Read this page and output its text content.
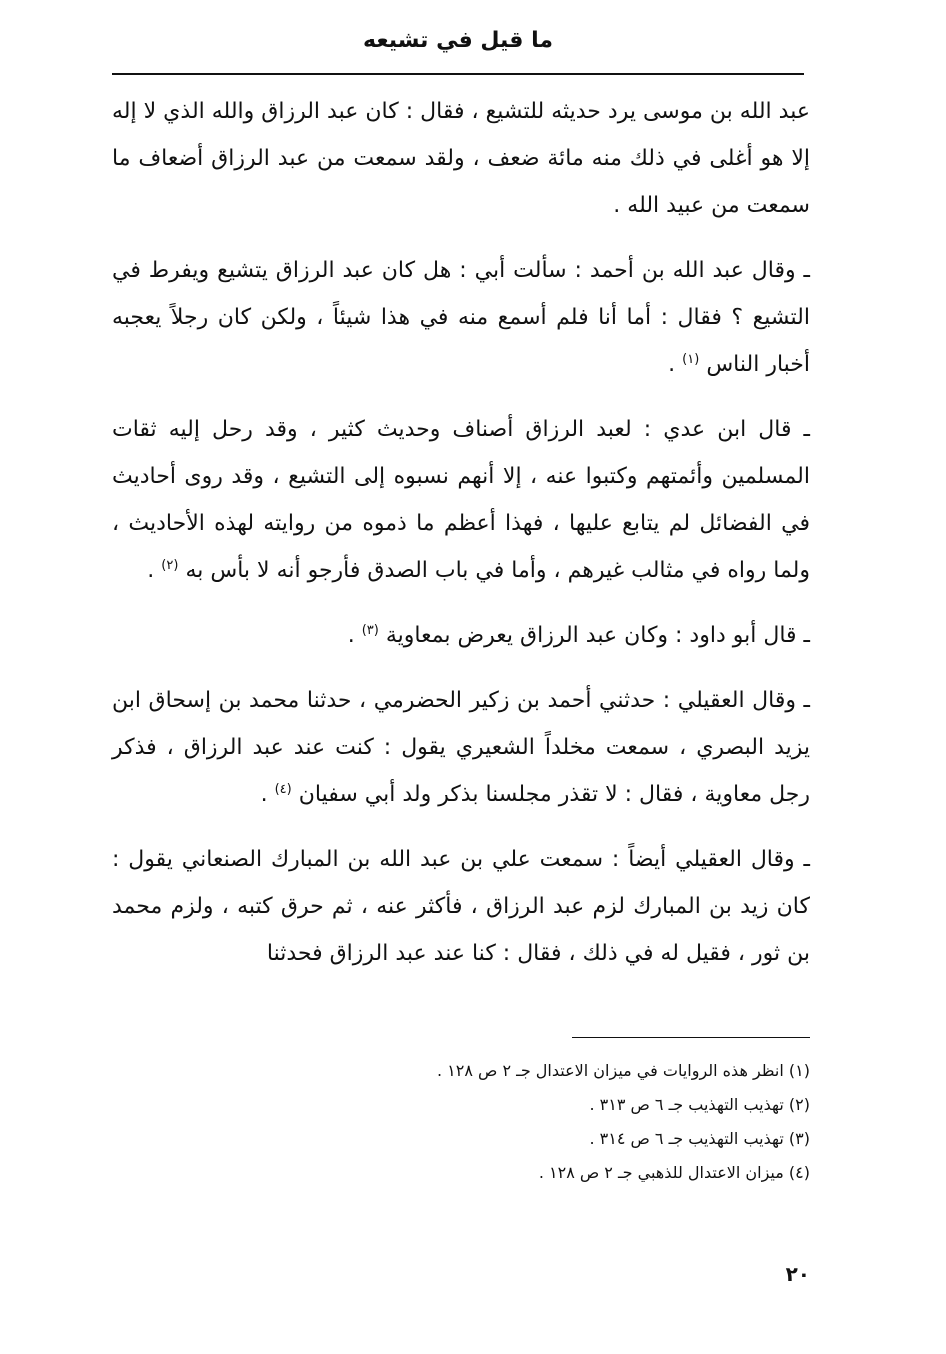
ما قيل في تشيعه

عبد الله بن موسى يرد حديثه للتشيع ، فقال : كان عبد الرزاق والله الذي لا إله إلا هو أغلى في ذلك منه مائة ضعف ، ولقد سمعت من عبد الرزاق أضعاف ما سمعت من عبيد الله .

ـ وقال عبد الله بن أحمد : سألت أبي : هل كان عبد الرزاق يتشيع ويفرط في التشيع ؟ فقال : أما أنا فلم أسمع منه في هذا شيئاً ، ولكن كان رجلاً يعجبه أخبار الناس $^{(١)}$ .

ـ قال ابن عدي : لعبد الرزاق أصناف وحديث كثير ، وقد رحل إليه ثقات المسلمين وأئمتهم وكتبوا عنه ، إلا أنهم نسبوه إلى التشيع ، وقد روى أحاديث في الفضائل لم يتابع عليها ، فهذا أعظم ما ذموه من روايته لهذه الأحاديث ، ولما رواه في مثالب غيرهم ، وأما في باب الصدق فأرجو أنه لا بأس به $^{(٢)}$ .

ـ قال أبو داود : وكان عبد الرزاق يعرض بمعاوية $^{(٣)}$ .

ـ وقال العقيلي : حدثني أحمد بن زكير الحضرمي ، حدثنا محمد بن إسحاق ابن يزيد البصري ، سمعت مخلداً الشعيري يقول : كنت عند عبد الرزاق ، فذكر رجل معاوية ، فقال : لا تقذر مجلسنا بذكر ولد أبي سفيان $^{(٤)}$ .

ـ وقال العقيلي أيضاً : سمعت علي بن عبد الله بن المبارك الصنعاني يقول : كان زيد بن المبارك لزم عبد الرزاق ، فأكثر عنه ، ثم حرق كتبه ، ولزم محمد بن ثور ، فقيل له في ذلك ، فقال : كنا عند عبد الرزاق فحدثنا

(١) انظر هذه الروايات في ميزان الاعتدال جـ ٢ ص ١٢٨ .

(٢) تهذيب التهذيب جـ ٦ ص ٣١٣ .

(٣) تهذيب التهذيب جـ ٦ ص ٣١٤ .

(٤) ميزان الاعتدال للذهبي جـ ٢ ص ١٢٨ .

٢٠
